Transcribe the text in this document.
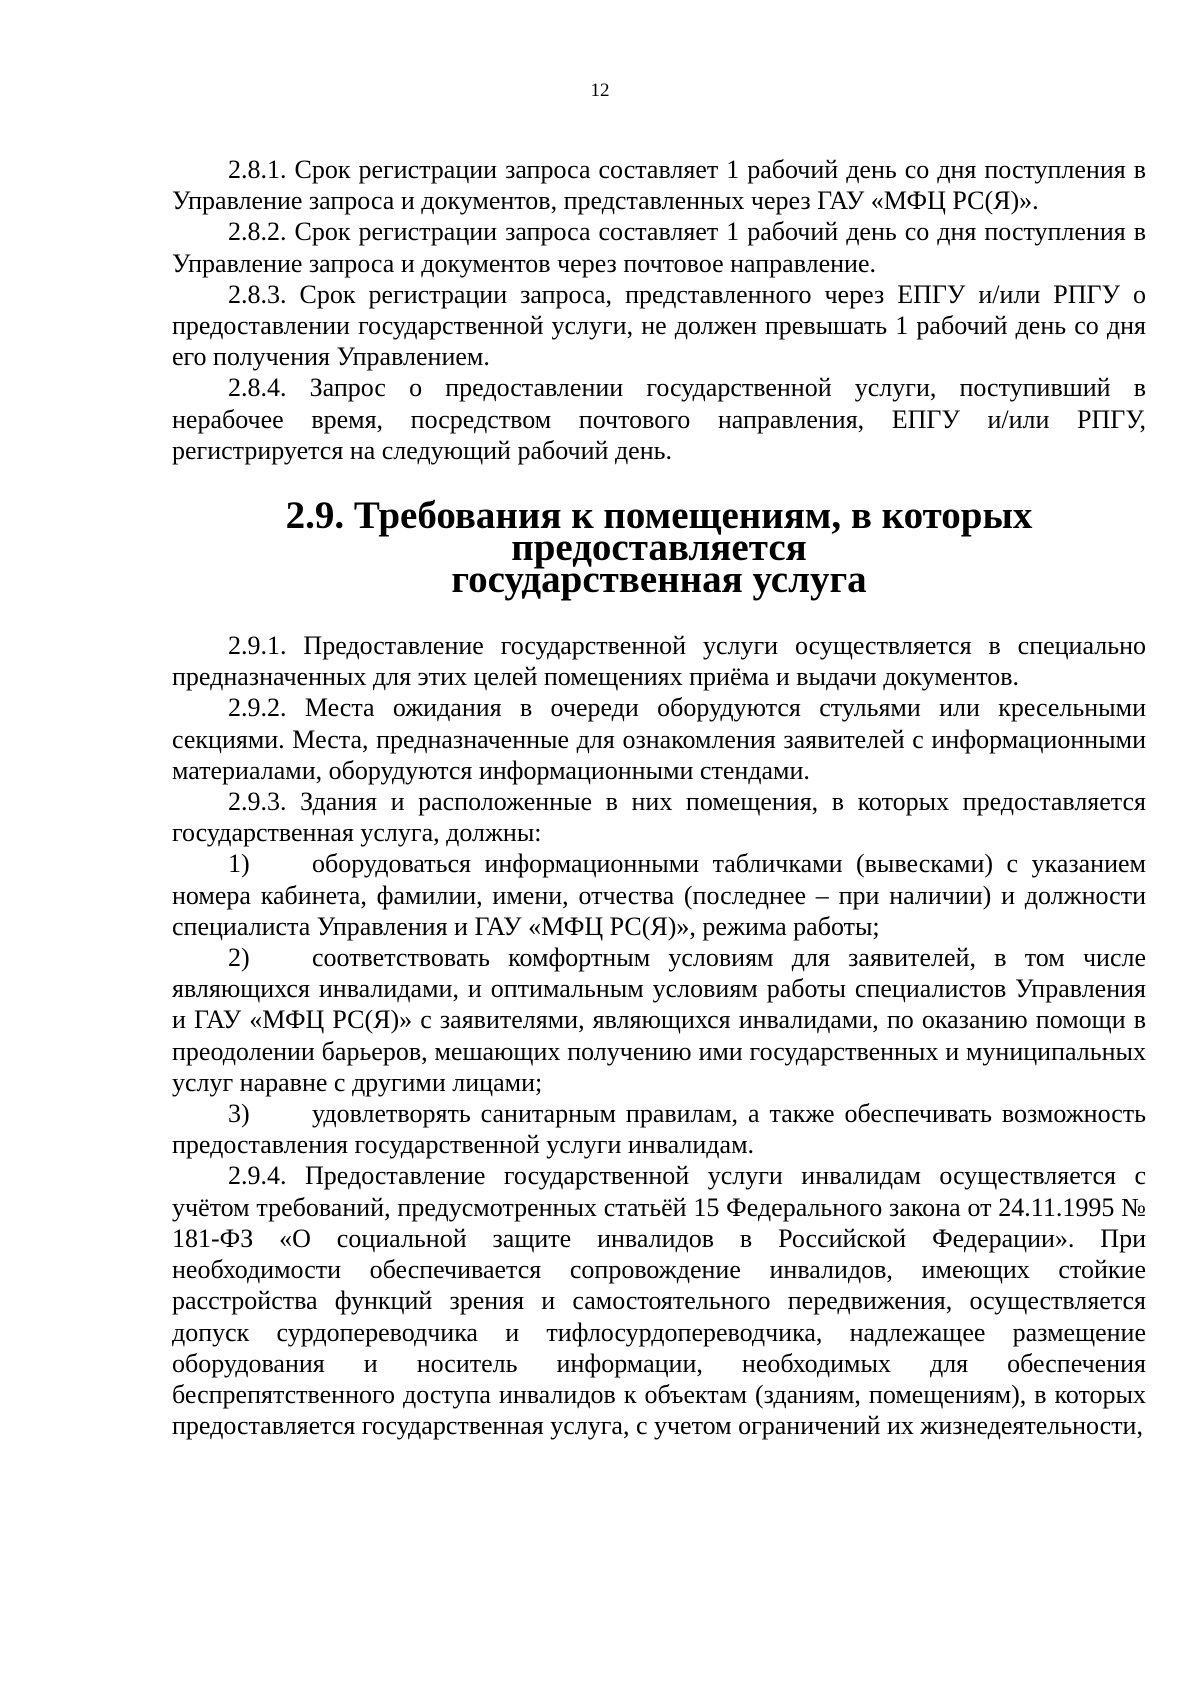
12

2.8.1. Срок регистрации запроса составляет 1 рабочий день со дня поступления в Управление запроса и документов, представленных через ГАУ «МФЦ РС(Я)».

2.8.2. Срок регистрации запроса составляет 1 рабочий день со дня поступления в Управление запроса и документов через почтовое направление.

2.8.3. Срок регистрации запроса, представленного через ЕПГУ и/или РПГУ о предоставлении государственной услуги, не должен превышать 1 рабочий день со дня его получения Управлением.

2.8.4. Запрос о предоставлении государственной услуги, поступивший в нерабочее время, посредством почтового направления, ЕПГУ и/или РПГУ, регистрируется на следующий рабочий день.

2.9. Требования к помещениям, в которых предоставляется
государственная услуга

2.9.1. Предоставление государственной услуги осуществляется в специально предназначенных для этих целей помещениях приёма и выдачи документов.

2.9.2. Места ожидания в очереди оборудуются стульями или кресельными секциями. Места, предназначенные для ознакомления заявителей с информационными материалами, оборудуются информационными стендами.

2.9.3. Здания и расположенные в них помещения, в которых предоставляется государственная услуга, должны:

1) оборудоваться информационными табличками (вывесками) с указанием номера кабинета, фамилии, имени, отчества (последнее – при наличии) и должности специалиста Управления и ГАУ «МФЦ РС(Я)», режима работы;

2) соответствовать комфортным условиям для заявителей, в том числе являющихся инвалидами, и оптимальным условиям работы специалистов Управления и ГАУ «МФЦ РС(Я)» с заявителями, являющихся инвалидами, по оказанию помощи в преодолении барьеров, мешающих получению ими государственных и муниципальных услуг наравне с другими лицами;

3) удовлетворять санитарным правилам, а также обеспечивать возможность предоставления государственной услуги инвалидам.

2.9.4. Предоставление государственной услуги инвалидам осуществляется с учётом требований, предусмотренных статьёй 15 Федерального закона от 24.11.1995 № 181-ФЗ «О социальной защите инвалидов в Российской Федерации». При необходимости обеспечивается сопровождение инвалидов, имеющих стойкие расстройства функций зрения и самостоятельного передвижения, осуществляется допуск сурдопереводчика и тифлосурдопереводчика, надлежащее размещение оборудования и носитель информации, необходимых для обеспечения беспрепятственного доступа инвалидов к объектам (зданиям, помещениям), в которых предоставляется государственная услуга, с учетом ограничений их жизнедеятельности,
